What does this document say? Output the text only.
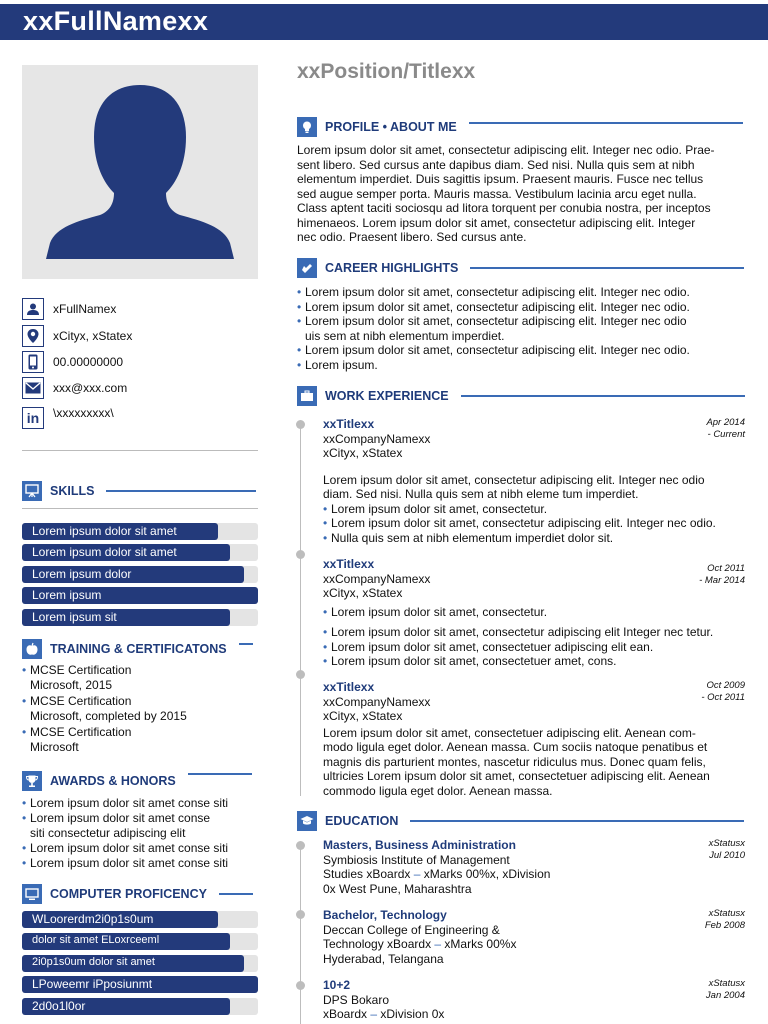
xxFullNamexx
xFullNamex
xCityx, xStatex
00.00000000
xxx@xxx.com
in	\xxxxxxxxx\
SKILLS
Lorem ipsum dolor sit amet
Lorem ipsum dolor sit amet
Lorem ipsum dolor
Lorem ipsum
Lorem ipsum sit
TRAINING & CERTIFICATONS
• MCSE Certification
Microsoft, 2015
• MCSE Certification
Microsoft, completed by 2015
• MCSE Certification
Microsoft
AWARDS & HONORS
• Lorem ipsum dolor sit amet conse siti
• Lorem ipsum dolor sit amet conse
siti consectetur adipiscing elit
• Lorem ipsum dolor sit amet conse siti
• Lorem ipsum dolor sit amet conse siti
COMPUTER PROFICENCY
WLoorerdm2i0p1s0um
dolor sit amet ELoxrceeml
2i0p1s0um dolor sit amet
LPoweemr iPposiunmt
2d0o1l0or
xxPosition/Titlexx
PROFILE • ABOUT ME
Lorem ipsum dolor sit amet, consectetur adipiscing elit. Integer nec odio. Prae-
sent libero. Sed cursus ante dapibus diam. Sed nisi. Nulla quis sem at nibh
elementum imperdiet. Duis sagittis ipsum. Praesent mauris. Fusce nec tellus
sed augue semper porta. Mauris massa. Vestibulum lacinia arcu eget nulla.
Class aptent taciti sociosqu ad litora torquent per conubia nostra, per inceptos
himenaeos. Lorem ipsum dolor sit amet, consectetur adipiscing elit. Integer
nec odio. Praesent libero. Sed cursus ante.
CAREER HIGHLIGHTS
• Lorem ipsum dolor sit amet, consectetur adipiscing elit. Integer nec odio.
• Lorem ipsum dolor sit amet, consectetur adipiscing elit. Integer nec odio.
• Lorem ipsum dolor sit amet, consectetur adipiscing elit. Integer nec odio
uis sem at nibh elementum imperdiet.
• Lorem ipsum dolor sit amet, consectetur adipiscing elit. Integer nec odio.
• Lorem ipsum.
WORK EXPERIENCE
xxTitlexx
xxCompanyNamexx
xCityx, xStatex
Lorem ipsum dolor sit amet, consectetur adipiscing elit. Integer nec odio
diam. Sed nisi. Nulla quis sem at nibh eleme tum imperdiet.
• Lorem ipsum dolor sit amet, consectetur.
• Lorem ipsum dolor sit amet, consectetur adipiscing elit. Integer nec odio.
• Nulla quis sem at nibh elementum imperdiet dolor sit.
Apr 2014
- Current
xxTitlexx
xxCompanyNamexx
xCityx, xStatex
• Lorem ipsum dolor sit amet, consectetur.
• Lorem ipsum dolor sit amet, consectetur adipiscing elit Integer nec tetur.
• Lorem ipsum dolor sit amet, consectetuer adipiscing elit ean.
• Lorem ipsum dolor sit amet, consectetuer amet, cons.
Oct 2011
- Mar 2014
xxTitlexx
xxCompanyNamexx
xCityx, xStatex
Lorem ipsum dolor sit amet, consectetuer adipiscing elit. Aenean com-
modo ligula eget dolor. Aenean massa. Cum sociis natoque penatibus et
magnis dis parturient montes, nascetur ridiculus mus. Donec quam felis,
ultricies Lorem ipsum dolor sit amet, consectetuer adipiscing elit. Aenean
commodo ligula eget dolor. Aenean massa.
Oct 2009
- Oct 2011
EDUCATION
Masters, Business Administration
Symbiosis Institute of Management
Studies xBoardx – xMarks 00%x, xDivision
0x West Pune, Maharashtra
xStatusx
Jul 2010
Bachelor, Technology
Deccan College of Engineering &
Technology xBoardx – xMarks 00%x
Hyderabad, Telangana
xStatusx
Feb 2008
10+2
DPS Bokaro
xBoardx – xDivision 0x
xStatusx
Jan 2004
